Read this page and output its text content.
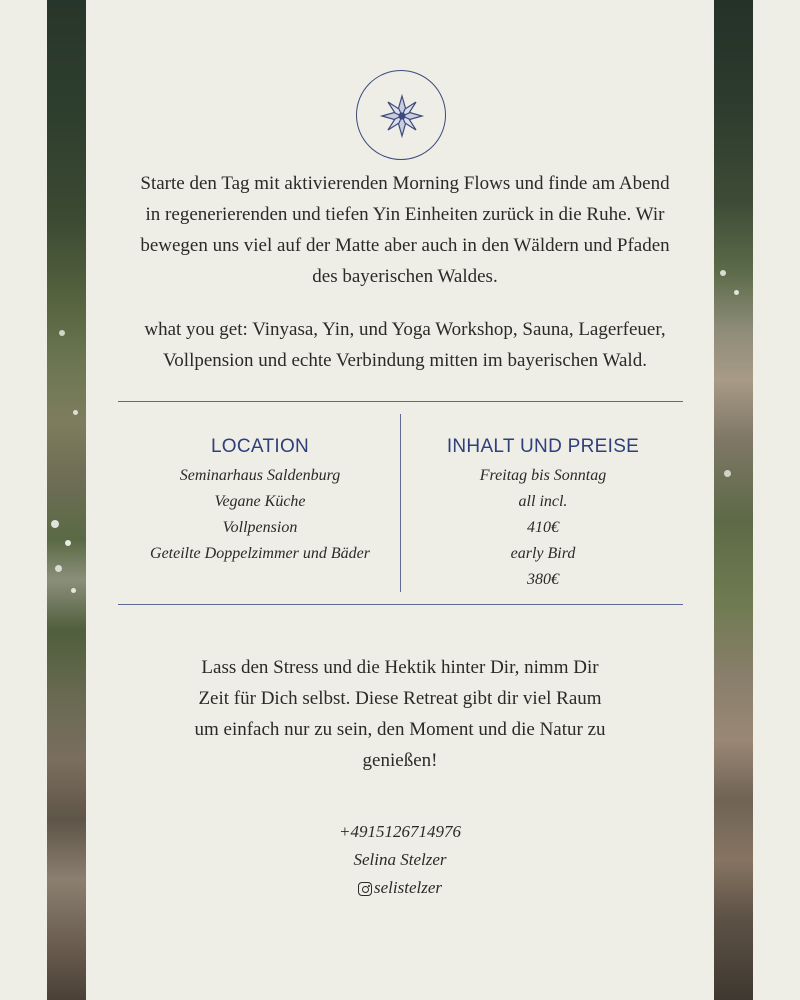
Starte den Tag mit aktivierenden Morning Flows und finde am Abend
in regenerierenden und tiefen Yin Einheiten zurück in die Ruhe. Wir
bewegen uns viel auf der Matte aber auch in den Wäldern und Pfaden
des bayerischen Waldes.
what you get: Vinyasa, Yin, und Yoga Workshop, Sauna, Lagerfeuer,
Vollpension und echte Verbindung mitten im bayerischen Wald.
LOCATION
Seminarhaus Saldenburg
Vegane Küche
Vollpension
Geteilte Doppelzimmer und Bäder
INHALT UND PREISE
Freitag bis Sonntag
all incl.
410€
early Bird
380€
Lass den Stress und die Hektik hinter Dir, nimm Dir
Zeit für Dich selbst. Diese Retreat gibt dir viel Raum
um einfach nur zu sein, den Moment und die Natur zu
genießen!
+4915126714976
Selina Stelzer
selistelzer
